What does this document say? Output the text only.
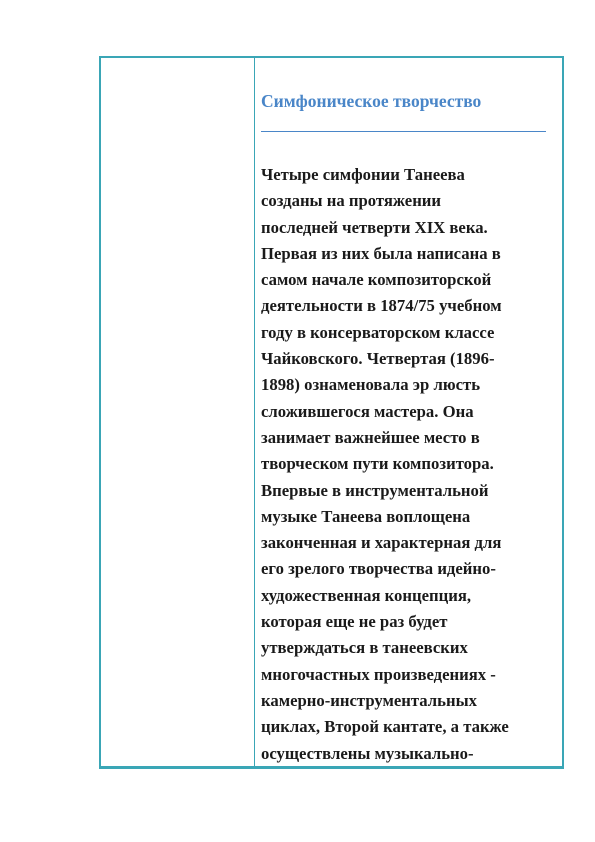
Симфоническое творчество
Четыре симфонии Танеева
созданы на протяжении
последней четверти XIX века.
Первая из них была написана в
самом начале композиторской
деятельности в 1874/75 учебном
году в консерваторском классе
Чайковского. Четвертая (1896-
1898) ознаменовала эр люсть
сложившегося мастера. Она
занимает важнейшее место в
творческом пути композитора.
Впервые в инструментальной
музыке Танеева воплощена
законченная и характерная для
его зрелого творчества идейно-
художественная концепция,
которая еще не раз будет
утверждаться в танеевских
многочастных произведениях -
камерно-инструментальных
циклах, Второй кантате, а также
осуществлены музыкально-
